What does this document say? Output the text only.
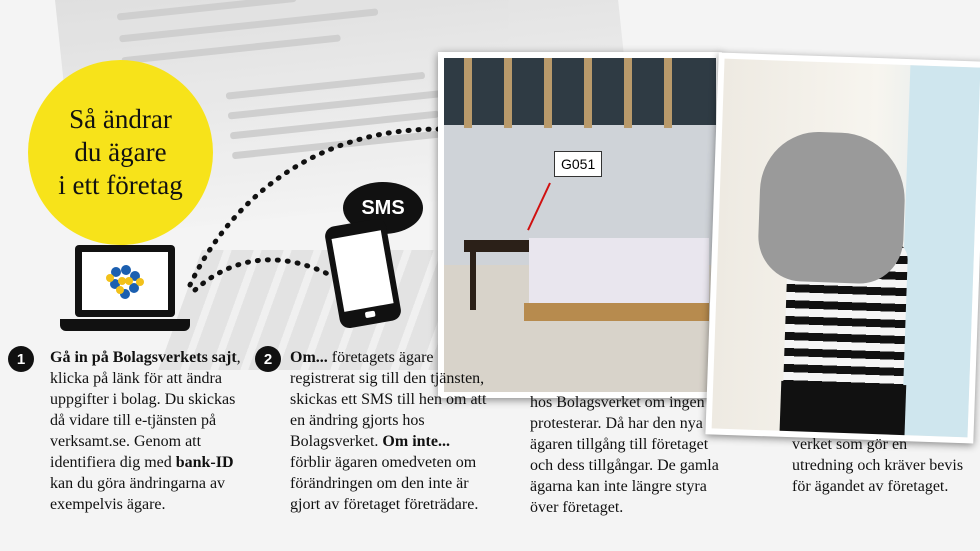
Så ändrar
du ägare
i ett företag
SMS
G051
1	Gå in på Bolagsverkets sajt, klicka på länk för att ändra uppgifter i bolag. Du skickas då vidare till e-tjänsten på verksamt.se. Genom att identifiera dig med bank-ID kan du göra ändringarna av exempelvis ägare.
2	Om... företagets ägare registrerat sig till den tjänsten, skickas ett SMS till hen om att en ändring gjorts hos Bolagsverket. Om inte... förblir ägaren omedveten om förändringen om den inte är gjort av företaget företrädare.
hos Bolagsverket om ingen protesterar. Då har den nya ägaren tillgång till företaget och dess tillgångar. De gamla ägarna kan inte längre styra över företaget.
verket som gör en utredning och kräver bevis för ägandet av företaget.
